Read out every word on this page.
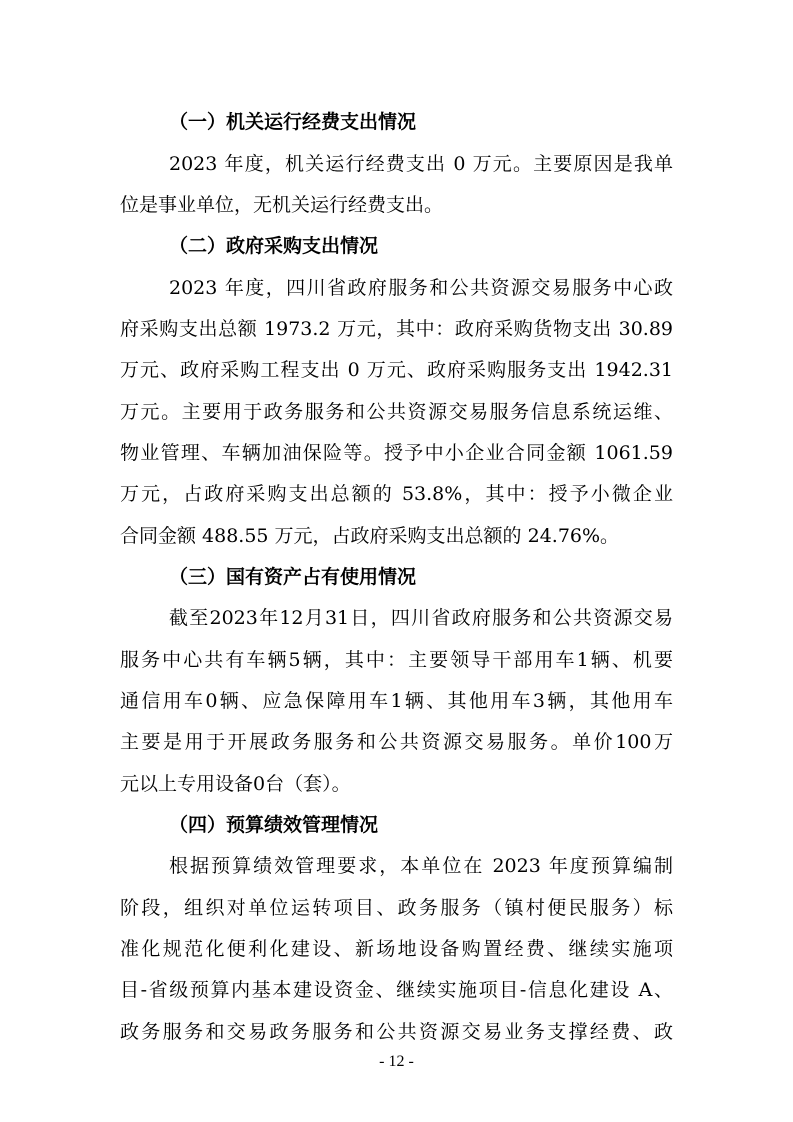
（一）机关运行经费支出情况
2023 年度，机关运行经费支出 0 万元。主要原因是我单
位是事业单位，无机关运行经费支出。
（二）政府采购支出情况
2023 年度，四川省政府服务和公共资源交易服务中心政
府采购支出总额 1973.2 万元，其中：政府采购货物支出 30.89
万元、政府采购工程支出 0 万元、政府采购服务支出 1942.31
万元。主要用于政务服务和公共资源交易服务信息系统运维、
物业管理、车辆加油保险等。授予中小企业合同金额 1061.59
万元，占政府采购支出总额的 53.8%，其中：授予小微企业
合同金额 488.55 万元，占政府采购支出总额的 24.76%。
（三）国有资产占有使用情况
截至2023年12月31日，四川省政府服务和公共资源交易
服务中心共有车辆5辆，其中：主要领导干部用车1辆、机要
通信用车0辆、应急保障用车1辆、其他用车3辆，其他用车
主要是用于开展政务服务和公共资源交易服务。单价100万
元以上专用设备0台（套）。
（四）预算绩效管理情况
根据预算绩效管理要求，本单位在 2023 年度预算编制
阶段，组织对单位运转项目、政务服务（镇村便民服务）标
准化规范化便利化建设、新场地设备购置经费、继续实施项
目-省级预算内基本建设资金、继续实施项目-信息化建设 A、
政务服务和交易政务服务和公共资源交易业务支撑经费、政
- 12 -
